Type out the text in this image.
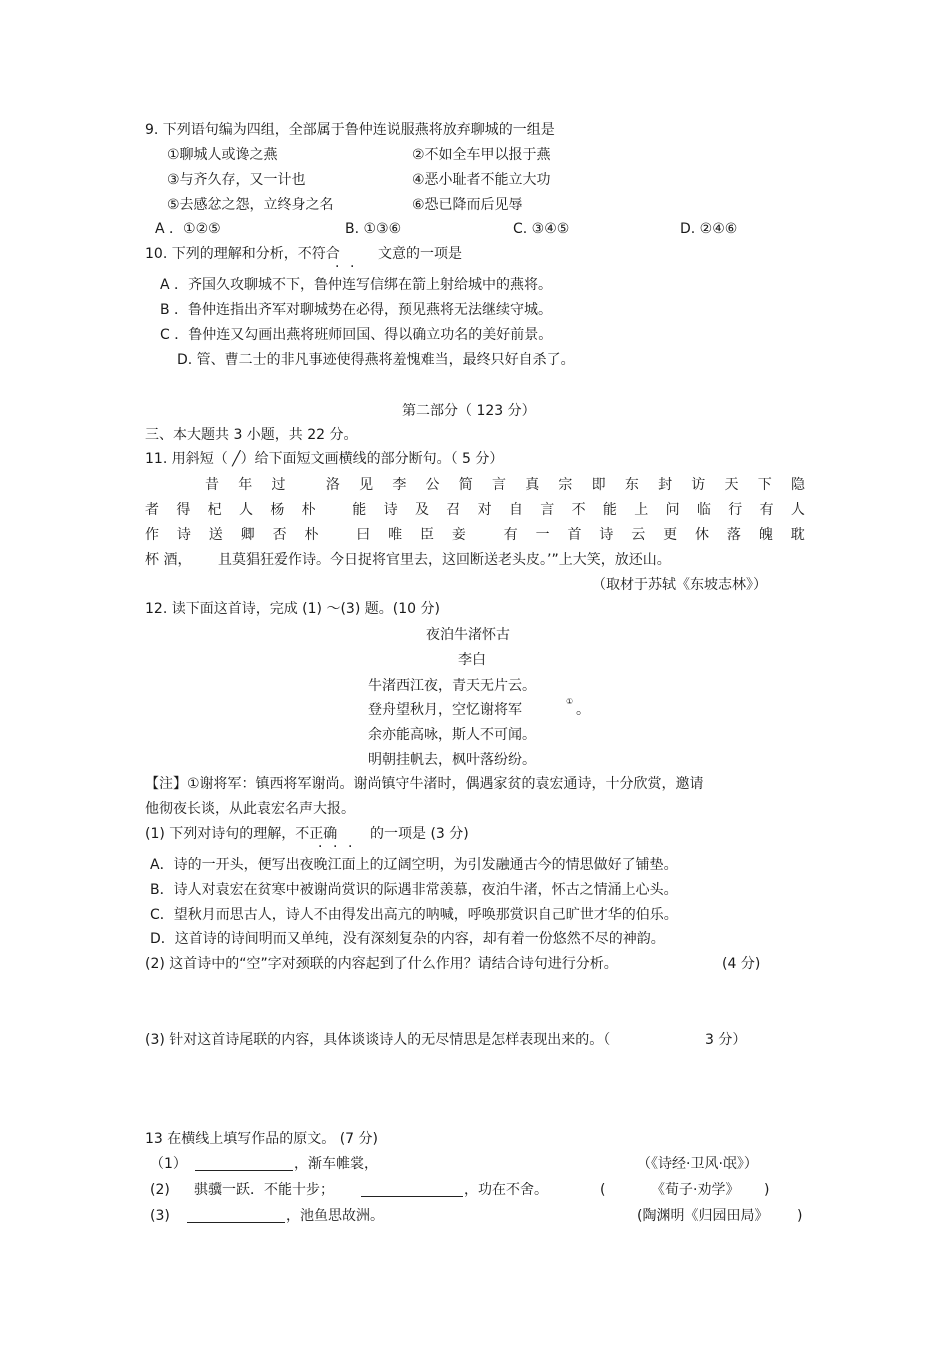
9. 下列语句编为四组，全部属于鲁仲连说服燕将放弃聊城的一组是
①聊城人或谗之燕	②不如全车甲以报于燕
③与齐久存，又一计也	④恶小耻者不能立大功
⑤去感忿之怨，立终身之名	⑥恐已降而后见辱
A ．①②⑤	B. ①③⑥	C. ③④⑤	D. ②④⑥
10. 下列的理解和分析，不符合	文意的一项是
· ·
A ．齐国久攻聊城不下，鲁仲连写信绑在箭上射给城中的燕将。
B ．鲁仲连指出齐军对聊城势在必得，预见燕将无法继续守城。
C ．鲁仲连又勾画出燕将班师回国、得以确立功名的美好前景。
D. 管、曹二士的非凡事迹使得燕将羞愧难当，最终只好自杀了。
第二部分（ 123 分）
三、本大题共 3 小题，共 22 分。
11. 用斜短（ ╱）给下面短文画横线的部分断句。（ 5 分）
昔 年 过
	洛 见 李 公 简 言 真 宗 即 东 封 访 天 下 隐
者 得 杞 人 杨 朴
	能 诗 及 召 对 自 言 不 能 上 问 临 行 有 人
作 诗 送 卿 否 朴
	曰 唯 臣 妾
	有 一 首 诗 云 更 休 落 魄 耽
杯 酒， 且莫猖狂爱作诗。今日捉将官里去，这回断送老头皮。’”上大笑，放还山。
（取材于苏轼《东坡志林》）
12. 读下面这首诗，完成 (1) ～(3) 题。(10 分)
夜泊牛渚怀古
李白
牛渚西江夜，青天无片云。
登舟望秋月，空忆谢将军
①
。
余亦能高咏，斯人不可闻。
明朝挂帆去，枫叶落纷纷。
【注】①谢将军：镇西将军谢尚。谢尚镇守牛渚时，偶遇家贫的袁宏通诗，十分欣赏，邀请
他彻夜长谈，从此袁宏名声大报。
(1) 下列对诗句的理解，不正确 的一项是 (3 分)
· · ·
A．诗的一开头，便写出夜晚江面上的辽阔空明，为引发融通古今的情思做好了铺垫。
B．诗人对袁宏在贫寒中被谢尚赏识的际遇非常羡慕，夜泊牛渚，怀古之情涌上心头。
C．望秋月而思古人，诗人不由得发出高亢的呐喊，呼唤那赏识自己旷世才华的伯乐。
D．这首诗的诗间明而又单纯，没有深刻复杂的内容，却有着一份悠然不尽的神韵。
(2) 这首诗中的“空”字对颈联的内容起到了什么作用？请结合诗句进行分析。	(4 分)
(3) 针对这首诗尾联的内容，具体谈谈诗人的无尽情思是怎样表现出来的。（	3 分）
13 在横线上填写作品的原文。 (7 分)
（1）	，渐车帷裳，	（《诗经·卫风·氓》）
(2) 骐骥一跃．不能十步；	，功在不舍。	(	《荀子·劝学》 )
(3)	，池鱼思故洲。	(陶渊明《归园田局》 )
